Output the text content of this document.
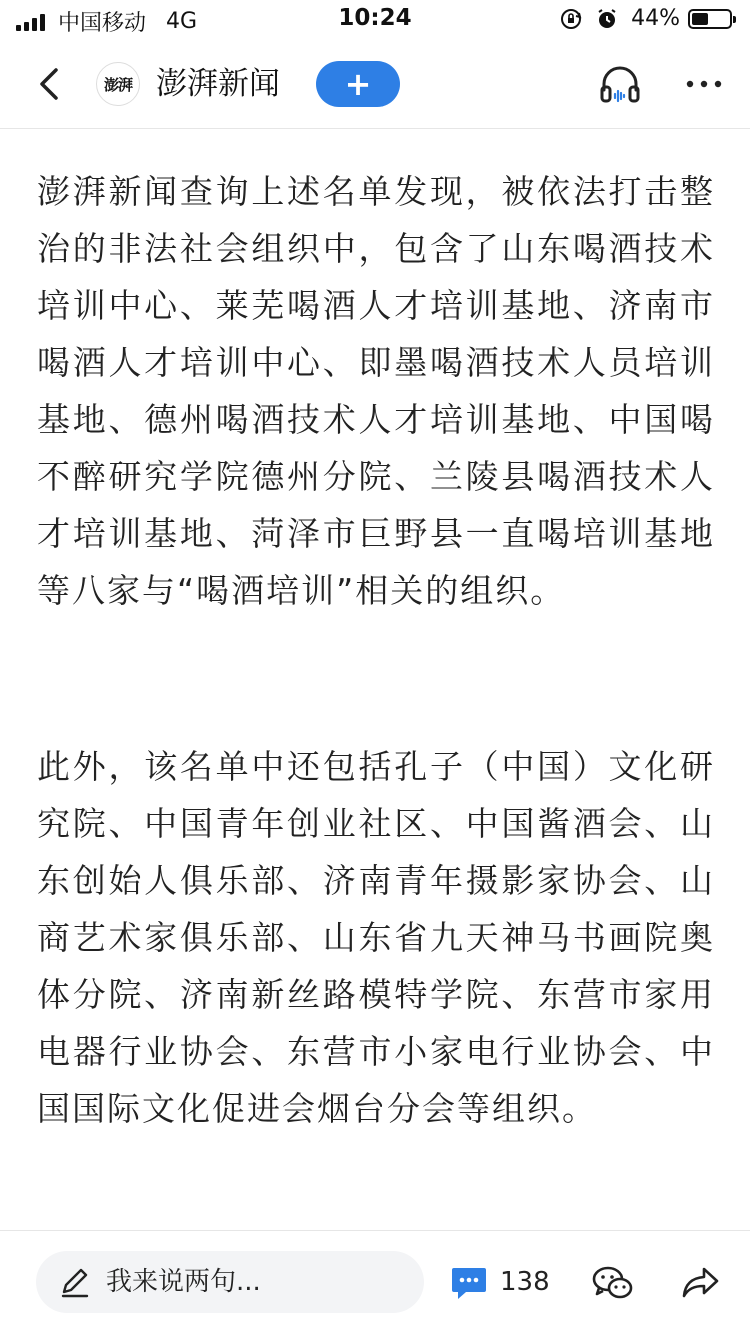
中国移动 4G	10:24	44%
澎湃 澎湃新闻	+

澎湃新闻查询上述名单发现，被依法打击整治的非法社会组织中，包含了山东喝酒技术培训中心、莱芜喝酒人才培训基地、济南市喝酒人才培训中心、即墨喝酒技术人员培训基地、德州喝酒技术人才培训基地、中国喝不醉研究学院德州分院、兰陵县喝酒技术人才培训基地、菏泽市巨野县一直喝培训基地等八家与“喝酒培训”相关的组织。

此外，该名单中还包括孔子（中国）文化研究院、中国青年创业社区、中国酱酒会、山东创始人俱乐部、济南青年摄影家协会、山商艺术家俱乐部、山东省九天神马书画院奥体分院、济南新丝路模特学院、东营市家用电器行业协会、东营市小家电行业协会、中国国际文化促进会烟台分会等组织。

我来说两句...	138
